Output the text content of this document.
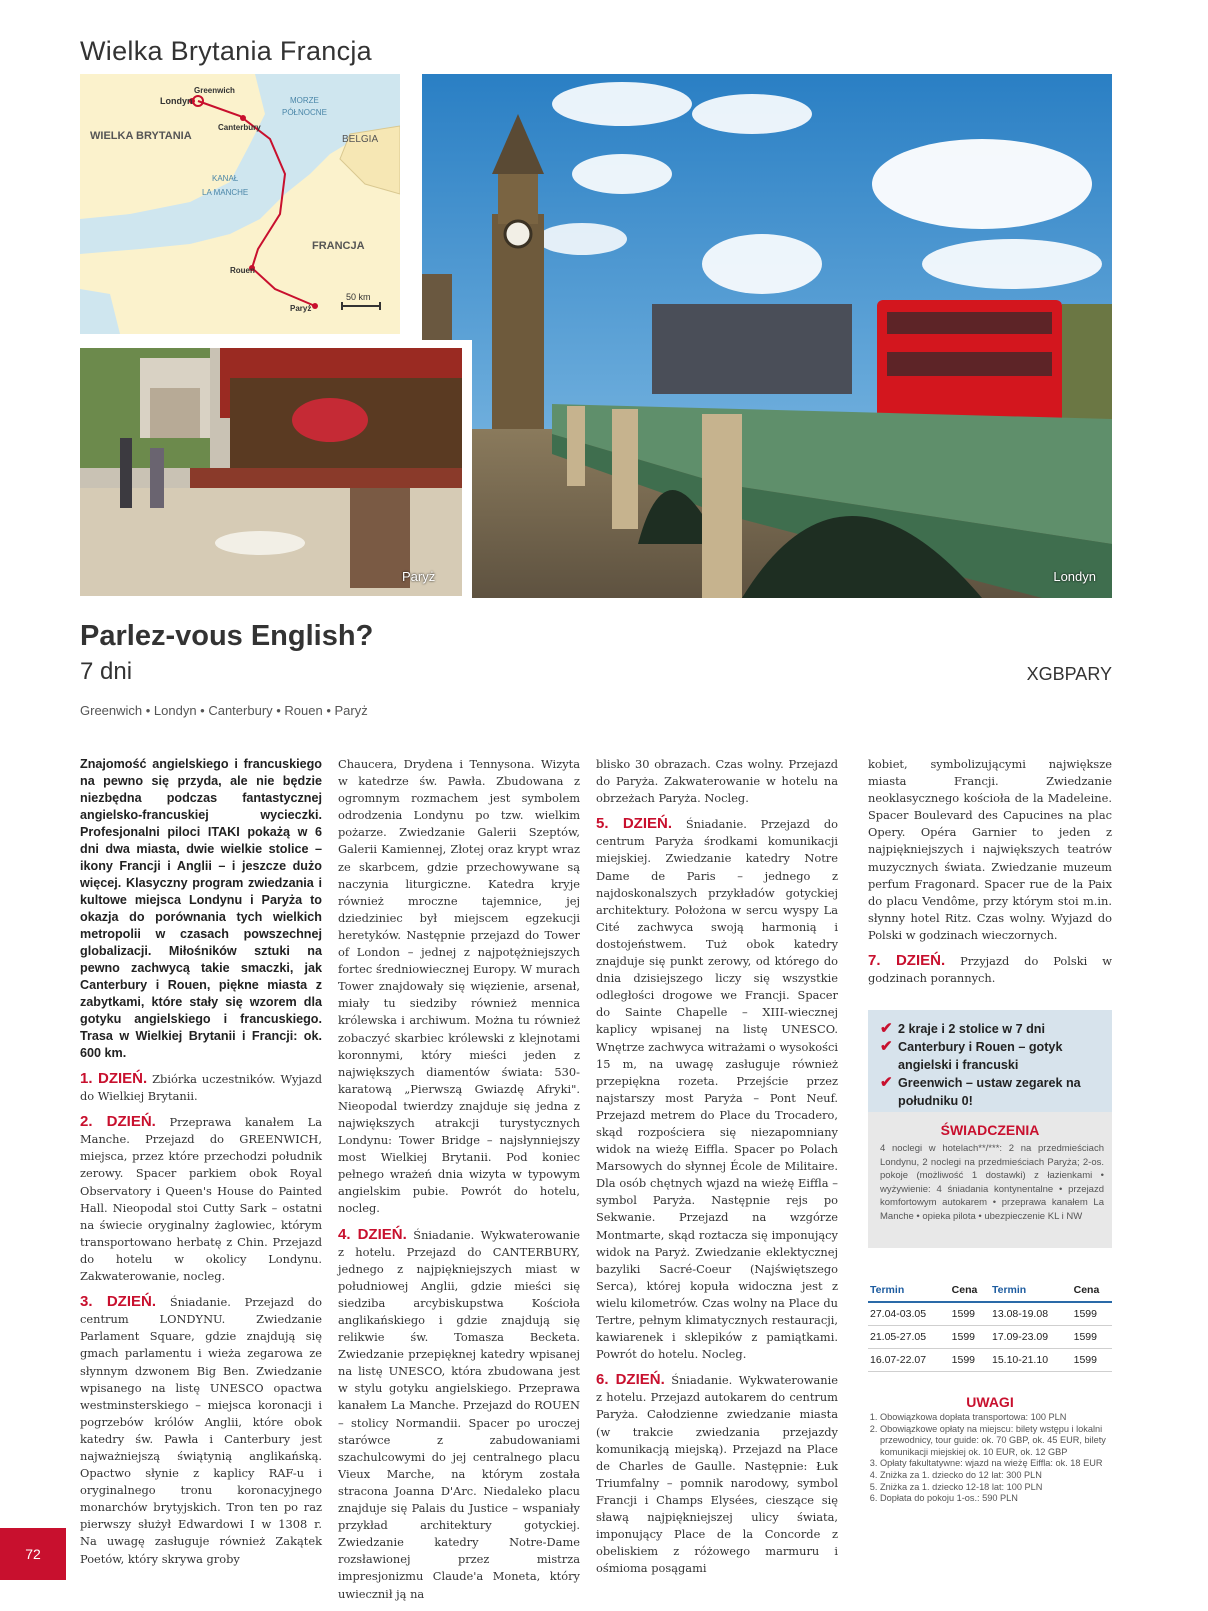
Wielka Brytania Francja
Londyn
Greenwich
Canterbury
MORZE
PÓŁNOCNE
WIELKA BRYTANIA	BELGIA
KANAŁ
LA MANCHE
FRANCJA
Rouen
Paryż
50 km
Londyn
Paryż
Parlez-vous English?
7 dni	XGBPARY
Greenwich • Londyn • Canterbury • Rouen • Paryż

Znajomość angielskiego i francuskiego na pewno się przyda, ale nie będzie niezbędna podczas fantastycznej angielsko-francuskiej wycieczki. Profesjonalni piloci ITAKI pokażą w 6 dni dwa miasta, dwie wielkie stolice – ikony Francji i Anglii – i jeszcze dużo więcej. Klasyczny program zwiedzania i kultowe miejsca Londynu i Paryża to okazja do porównania tych wielkich metropolii w czasach powszechnej globalizacji. Miłośników sztuki na pewno zachwycą takie smaczki, jak Canterbury i Rouen, piękne miasta z zabytkami, które stały się wzorem dla gotyku angielskiego i francuskiego. Trasa w Wielkiej Brytanii i Francji: ok. 600 km.

1. DZIEŃ. Zbiórka uczestników. Wyjazd do Wielkiej Brytanii.

2. DZIEŃ. Przeprawa kanałem La Manche. Przejazd do GREENWICH, miejsca, przez które przechodzi południk zerowy. Spacer parkiem obok Royal Observatory i Queen's House do Painted Hall. Nieopodal stoi Cutty Sark – ostatni na świecie oryginalny żaglowiec, którym transportowano herbatę z Chin. Przejazd do hotelu w okolicy Londynu. Zakwaterowanie, nocleg.

3. DZIEŃ. Śniadanie. Przejazd do centrum LONDYNU. Zwiedzanie Parlament Square, gdzie znajdują się gmach parlamentu i wieża zegarowa ze słynnym dzwonem Big Ben. Zwiedzanie wpisanego na listę UNESCO opactwa westminsterskiego – miejsca koronacji i pogrzebów królów Anglii, które obok katedry św. Pawła i Canterbury jest najważniejszą świątynią anglikańską. Opactwo słynie z kaplicy RAF-u i oryginalnego tronu koronacyjnego monarchów brytyjskich. Tron ten po raz pierwszy służył Edwardowi I w 1308 r. Na uwagę zasługuje również Zakątek Poetów, który skrywa groby

Chaucera, Drydena i Tennysona. Wizyta w katedrze św. Pawła. Zbudowana z ogromnym rozmachem jest symbolem odrodzenia Londynu po tzw. wielkim pożarze. Zwiedzanie Galerii Szeptów, Galerii Kamiennej, Złotej oraz krypt wraz ze skarbcem, gdzie przechowywane są naczynia liturgiczne. Katedra kryje również mroczne tajemnice, jej dziedziniec był miejscem egzekucji heretyków. Następnie przejazd do Tower of London – jednej z najpotężniejszych fortec średniowiecznej Europy. W murach Tower znajdowały się więzienie, arsenał, miały tu siedziby również mennica królewska i archiwum. Można tu również zobaczyć skarbiec królewski z klejnotami koronnymi, który mieści jeden z największych diamentów świata: 530-karatową „Pierwszą Gwiazdę Afryki". Nieopodal twierdzy znajduje się jedna z największych atrakcji turystycznych Londynu: Tower Bridge – najsłynniejszy most Wielkiej Brytanii. Pod koniec pełnego wrażeń dnia wizyta w typowym angielskim pubie. Powrót do hotelu, nocleg.

4. DZIEŃ. Śniadanie. Wykwaterowanie z hotelu. Przejazd do CANTERBURY, jednego z najpiękniejszych miast w południowej Anglii, gdzie mieści się siedziba arcybiskupstwa Kościoła anglikańskiego i gdzie znajdują się relikwie św. Tomasza Becketa. Zwiedzanie przepięknej katedry wpisanej na listę UNESCO, która zbudowana jest w stylu gotyku angielskiego. Przeprawa kanałem La Manche. Przejazd do ROUEN – stolicy Normandii. Spacer po uroczej starówce z zabudowaniami szachulcowymi do jej centralnego placu Vieux Marche, na którym została stracona Joanna D'Arc. Niedaleko placu znajduje się Palais du Justice – wspaniały przykład architektury gotyckiej. Zwiedzanie katedry Notre-Dame rozsławionej przez mistrza impresjonizmu Claude'a Moneta, który uwiecznił ją na

blisko 30 obrazach. Czas wolny. Przejazd do Paryża. Zakwaterowanie w hotelu na obrzeżach Paryża. Nocleg.

5. DZIEŃ. Śniadanie. Przejazd do centrum Paryża środkami komunikacji miejskiej. Zwiedzanie katedry Notre Dame de Paris – jednego z najdoskonalszych przykładów gotyckiej architektury. Położona w sercu wyspy La Cité zachwyca swoją harmonią i dostojeństwem. Tuż obok katedry znajduje się punkt zerowy, od którego do dnia dzisiejszego liczy się wszystkie odległości drogowe we Francji. Spacer do Sainte Chapelle – XIII-wiecznej kaplicy wpisanej na listę UNESCO. Wnętrze zachwyca witrażami o wysokości 15 m, na uwagę zasługuje również przepiękna rozeta. Przejście przez najstarszy most Paryża – Pont Neuf. Przejazd metrem do Place du Trocadero, skąd rozpościera się niezapomniany widok na wieżę Eiffla. Spacer po Polach Marsowych do słynnej École de Militaire. Dla osób chętnych wjazd na wieżę Eiffla – symbol Paryża. Następnie rejs po Sekwanie. Przejazd na wzgórze Montmarte, skąd roztacza się imponujący widok na Paryż. Zwiedzanie eklektycznej bazyliki Sacré-Coeur (Najświętszego Serca), której kopuła widoczna jest z wielu kilometrów. Czas wolny na Place du Tertre, pełnym klimatycznych restauracji, kawiarenek i sklepików z pamiątkami. Powrót do hotelu. Nocleg.

6. DZIEŃ. Śniadanie. Wykwaterowanie z hotelu. Przejazd autokarem do centrum Paryża. Całodzienne zwiedzanie miasta (w trakcie zwiedzania przejazdy komunikacją miejską). Przejazd na Place de Charles de Gaulle. Następnie: Łuk Triumfalny – pomnik narodowy, symbol Francji i Champs Elysées, cieszące się sławą najpiękniejszej ulicy świata, imponujący Place de la Concorde z obeliskiem z różowego marmuru i ośmioma posągami

kobiet, symbolizującymi największe miasta Francji. Zwiedzanie neoklasycznego kościoła de la Madeleine. Spacer Boulevard des Capucines na plac Opery. Opéra Garnier to jeden z najpiękniejszych i największych teatrów muzycznych świata. Zwiedzanie muzeum perfum Fragonard. Spacer rue de la Paix do placu Vendôme, przy którym stoi m.in. słynny hotel Ritz. Czas wolny. Wyjazd do Polski w godzinach wieczornych.

7. DZIEŃ. Przyjazd do Polski w godzinach porannych.

✔ 2 kraje i 2 stolice w 7 dni
✔ Canterbury i Rouen – gotyk angielski i francuski
✔ Greenwich – ustaw zegarek na południku 0!
ŚWIADCZENIA
4 noclegi w hotelach**/***: 2 na przedmieściach Londynu, 2 noclegi na przedmieściach Paryża; 2-os. pokoje (możliwość 1 dostawki) z łazienkami • wyżywienie: 4 śniadania kontynentalne • przejazd komfortowym autokarem • przeprawa kanałem La Manche • opieka pilota • ubezpieczenie KL i NW
Termin	Cena	Termin	Cena
27.04-03.05	1599	13.08-19.08	1599
21.05-27.05	1599	17.09-23.09	1599
16.07-22.07	1599	15.10-21.10	1599
UWAGI
1. Obowiązkowa dopłata transportowa: 100 PLN
2. Obowiązkowe opłaty na miejscu: bilety wstępu i lokalni przewodnicy, tour guide: ok. 70 GBP, ok. 45 EUR, bilety komunikacji miejskiej ok. 10 EUR, ok. 12 GBP
3. Opłaty fakultatywne: wjazd na wieżę Eiffla: ok. 18 EUR
4. Zniżka za 1. dziecko do 12 lat: 300 PLN
5. Zniżka za 1. dziecko 12-18 lat: 100 PLN
6. Dopłata do pokoju 1-os.: 590 PLN
72
